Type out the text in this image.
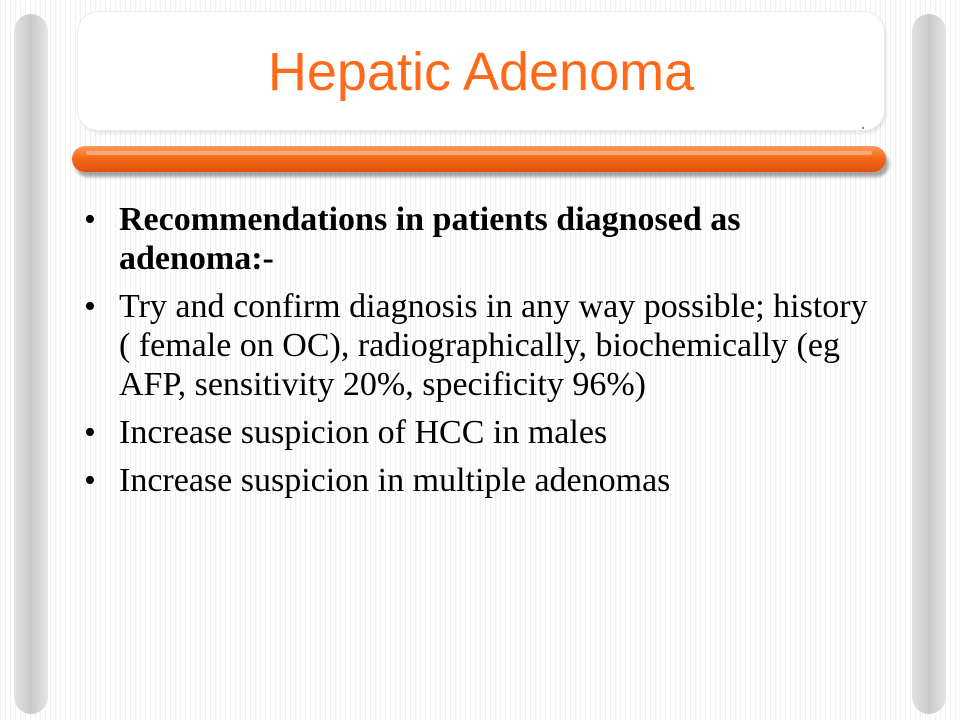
Hepatic Adenoma
• Recommendations in patients diagnosed as adenoma:-
• Try and confirm diagnosis in any way possible; history ( female on OC), radiographically, biochemically (eg AFP, sensitivity 20%, specificity 96%)
• Increase suspicion of HCC in males
• Increase suspicion in multiple adenomas
